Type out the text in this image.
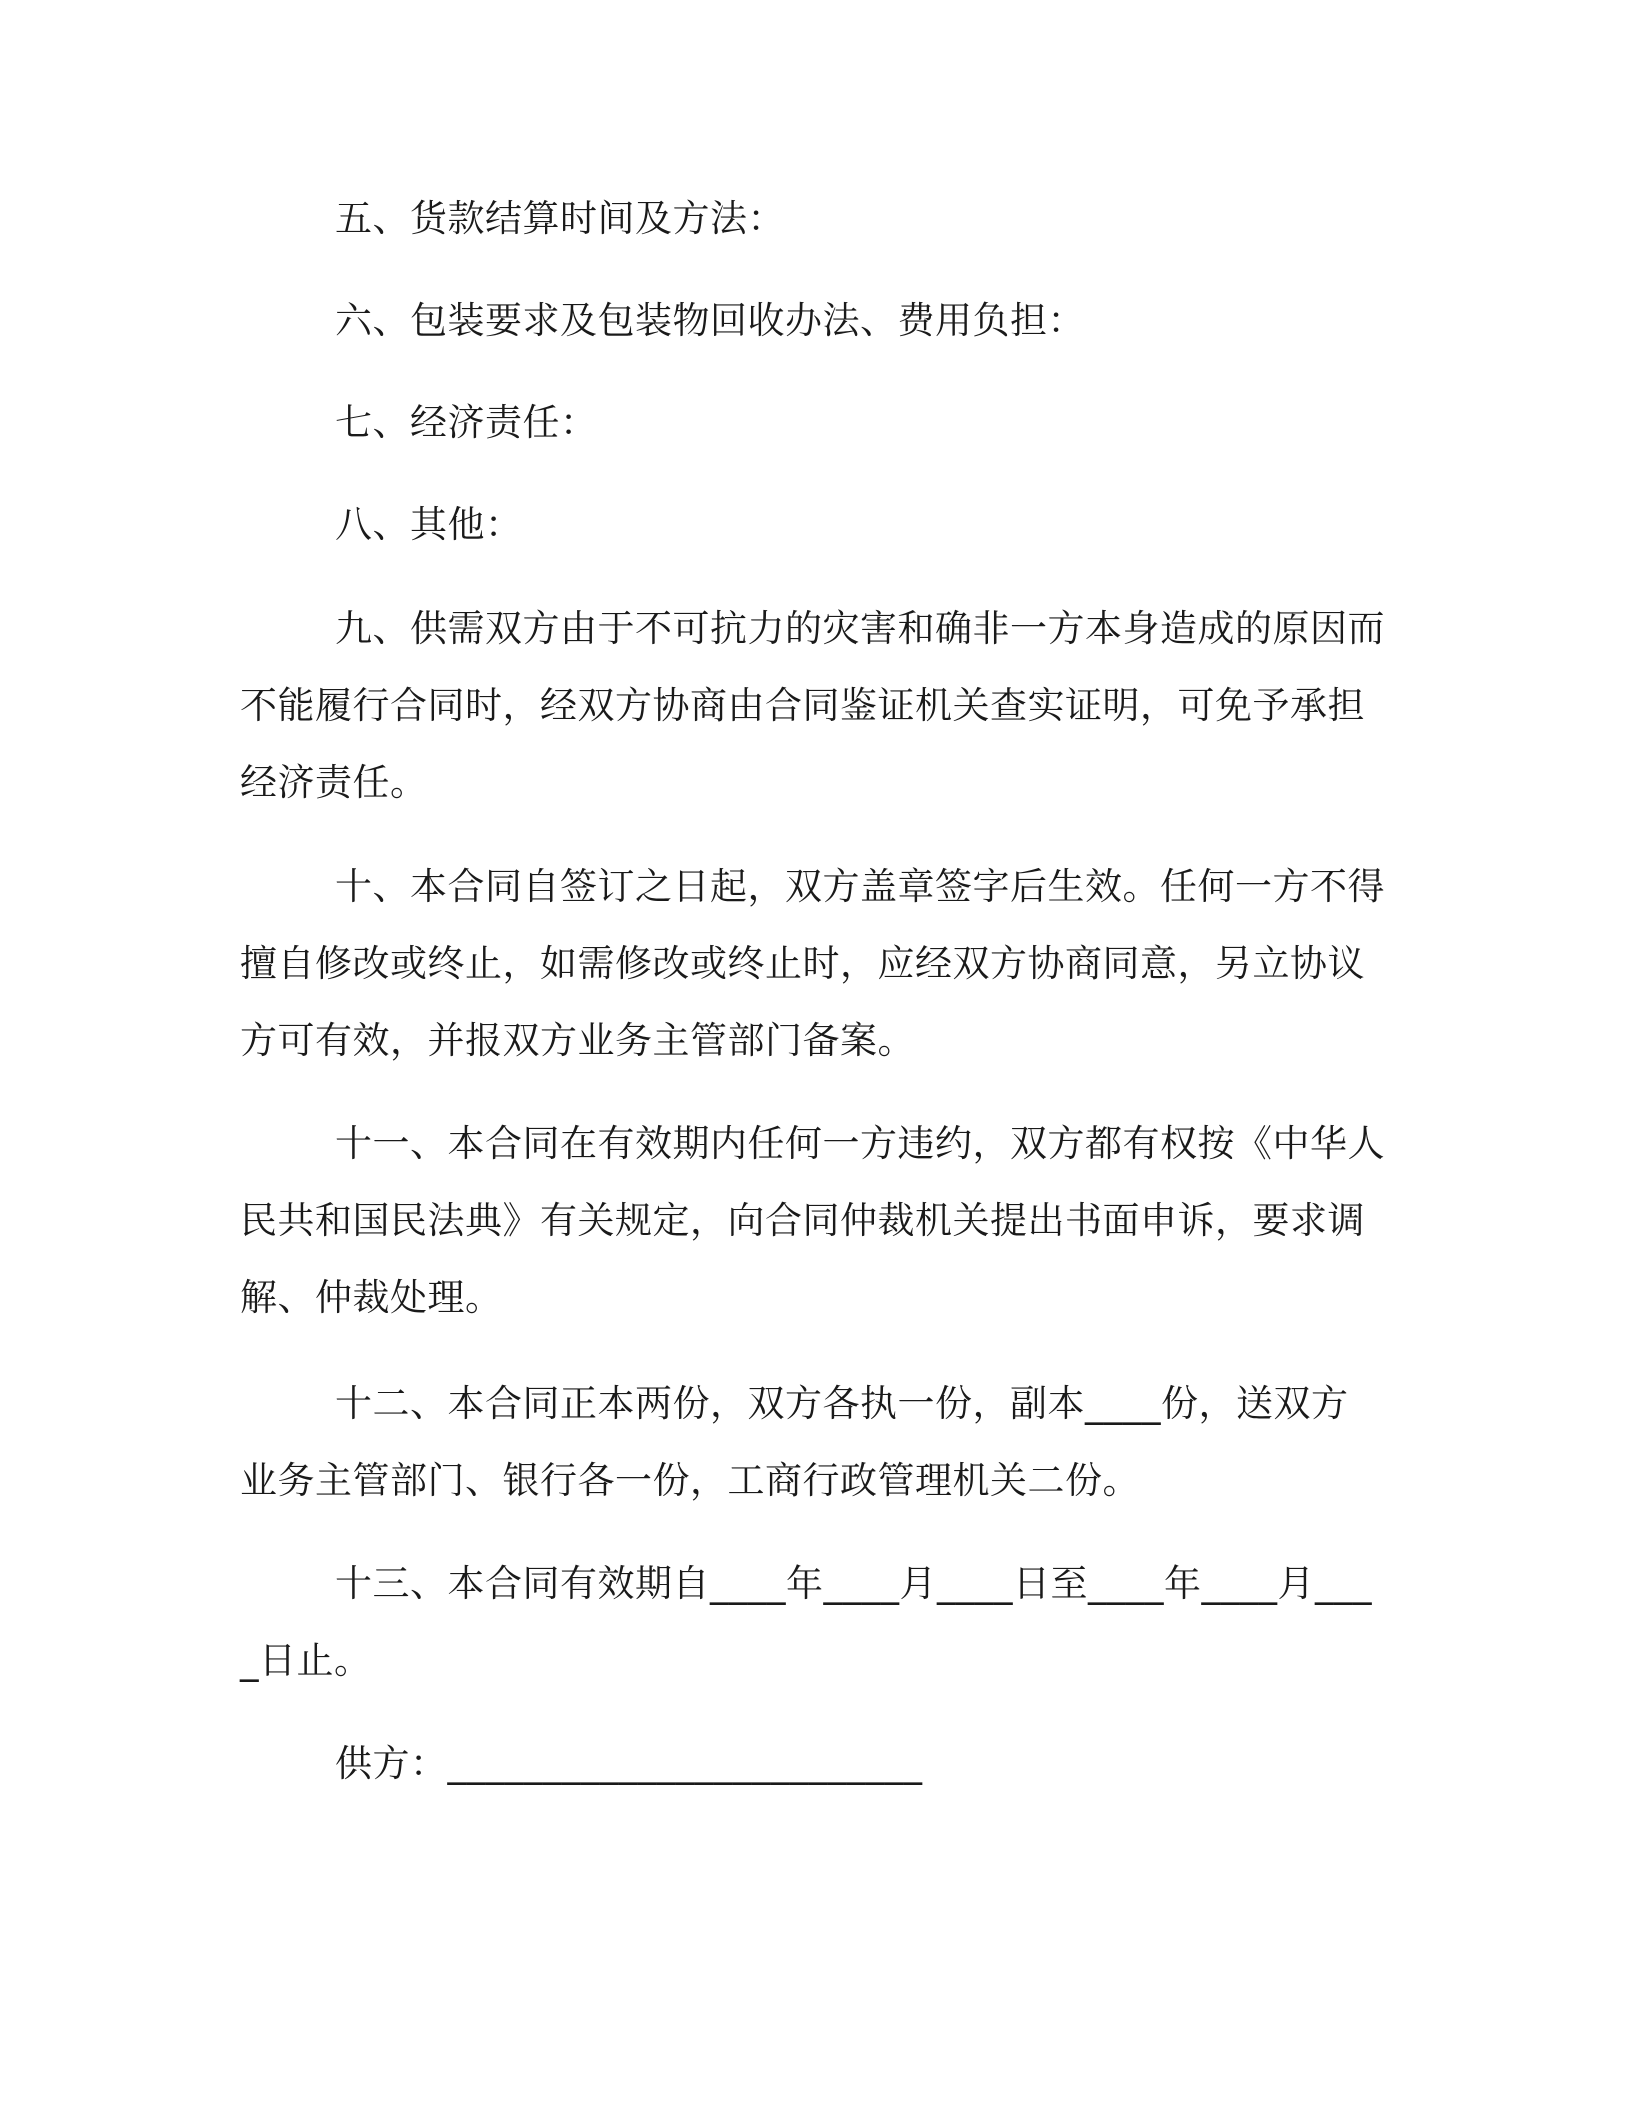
五、货款结算时间及方法：

六、包装要求及包装物回收办法、费用负担：

七、经济责任：

八、其他：

九、供需双方由于不可抗力的灾害和确非一方本身造成的原因而不能履行合同时，经双方协商由合同鉴证机关查实证明，可免予承担经济责任。

十、本合同自签订之日起，双方盖章签字后生效。任何一方不得擅自修改或终止，如需修改或终止时，应经双方协商同意，另立协议方可有效，并报双方业务主管部门备案。

十一、本合同在有效期内任何一方违约，双方都有权按《中华人民共和国民法典》有关规定，向合同仲裁机关提出书面申诉，要求调解、仲裁处理。

十二、本合同正本两份，双方各执一份，副本____份，送双方业务主管部门、银行各一份，工商行政管理机关二份。

十三、本合同有效期自____年____月____日至____年____月____日止。

供方：_________________________
